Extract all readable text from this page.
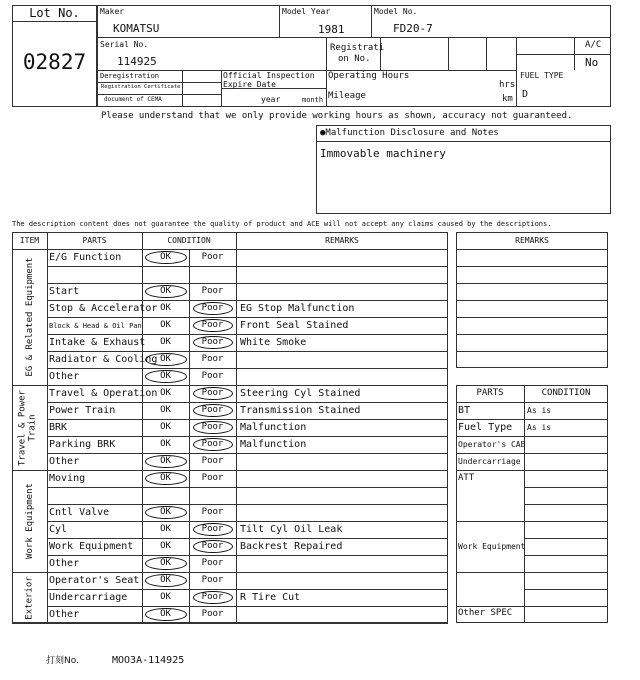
Lot No.
02827
Maker
KOMATSU
Model Year
1981
Model No.
FD20-7
Serial No.
114925
Registrati
on No.
A/C
No
Deregistration
Registration Certificate
document of CEMA
Official Inspection
Expire Date
year	month
Operating Hours
hrs
Mileage	km
FUEL TYPE
D
Please understand that we only provide working hours as shown, accuracy not guaranteed.
●Malfunction Disclosure and Notes
Immovable machinery
The description content does not guarantee the quality of product and ACE will not accept any claims caused by the descriptions.
ITEM	PARTS	CONDITION	REMARKS
E/G Function	OK	Poor
Start	OK	Poor
Stop & Accelerator OK	Poor	EG Stop Malfunction
Block & Head & Oil Pan	OK	Poor	Front Seal Stained
Intake & Exhaust	OK	Poor	White Smoke
Radiator & Cooling OK	Poor
Other	OK	Poor
EG & Related Equipment
Travel & Operation OK	Poor	Steering Cyl Stained
Power Train	OK	Poor	Transmission Stained
BRK	OK	Poor	Malfunction
Parking BRK	OK	Poor	Malfunction
Other	OK	Poor
Travel & Power Train
Moving	OK	Poor
Cntl Valve	OK	Poor
Cyl	OK	Poor	Tilt Cyl Oil Leak
Work Equipment	OK	Poor	Backrest Repaired
Other	OK	Poor
Work Equipment
Operator's Seat	OK	Poor
Undercarriage	OK	Poor	R Tire Cut
Other	OK	Poor
Exterior
REMARKS
PARTS	CONDITION
BT	As is
Fuel Type As is
Operator's CAB
Undercarriage
ATT
Work Equipment
Other SPEC
打刻No.	MOO3A-114925
